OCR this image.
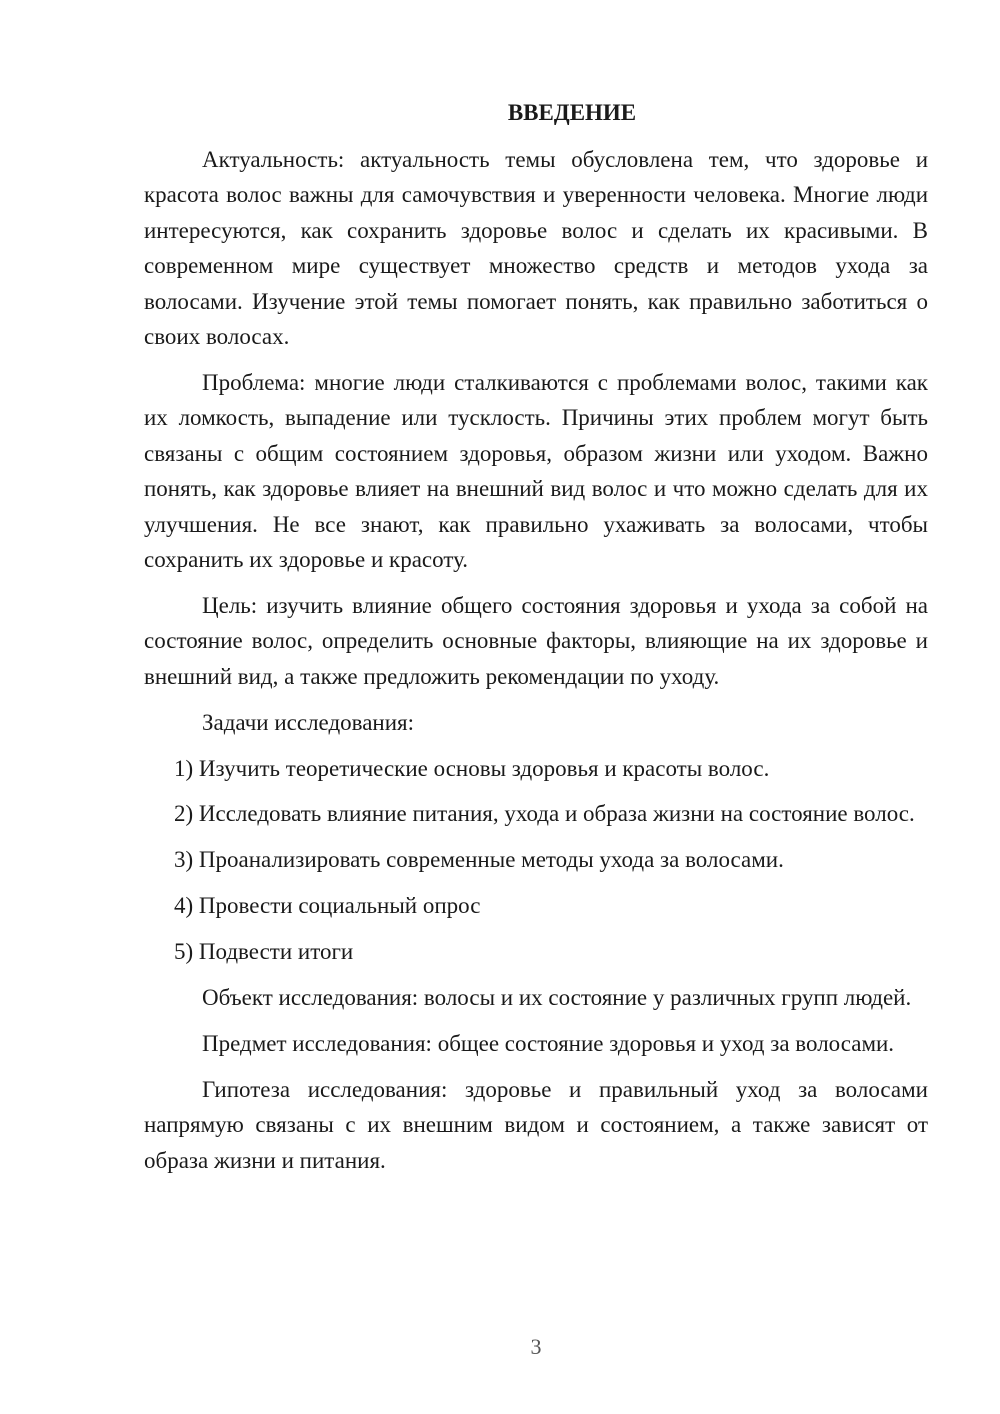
ВВЕДЕНИЕ

Актуальность: актуальность темы обусловлена тем, что здоровье и красота волос важны для самочувствия и уверенности человека. Многие люди интересуются, как сохранить здоровье волос и сделать их красивыми. В современном мире существует множество средств и методов ухода за волосами. Изучение этой темы помогает понять, как правильно заботиться о своих волосах.

Проблема: многие люди сталкиваются с проблемами волос, такими как их ломкость, выпадение или тусклость. Причины этих проблем могут быть связаны с общим состоянием здоровья, образом жизни или уходом. Важно понять, как здоровье влияет на внешний вид волос и что можно сделать для их улучшения. Не все знают, как правильно ухаживать за волосами, чтобы сохранить их здоровье и красоту.

Цель: изучить влияние общего состояния здоровья и ухода за собой на состояние волос, определить основные факторы, влияющие на их здоровье и внешний вид, а также предложить рекомендации по уходу.

Задачи исследования:

1) Изучить теоретические основы здоровья и красоты волос.

2) Исследовать влияние питания, ухода и образа жизни на состояние волос.

3) Проанализировать современные методы ухода за волосами.

4) Провести социальный опрос

5) Подвести итоги

Объект исследования: волосы и их состояние у различных групп людей.

Предмет исследования: общее состояние здоровья и уход за волосами.

Гипотеза исследования: здоровье и правильный уход за волосами напрямую связаны с их внешним видом и состоянием, а также зависят от образа жизни и питания.

3
